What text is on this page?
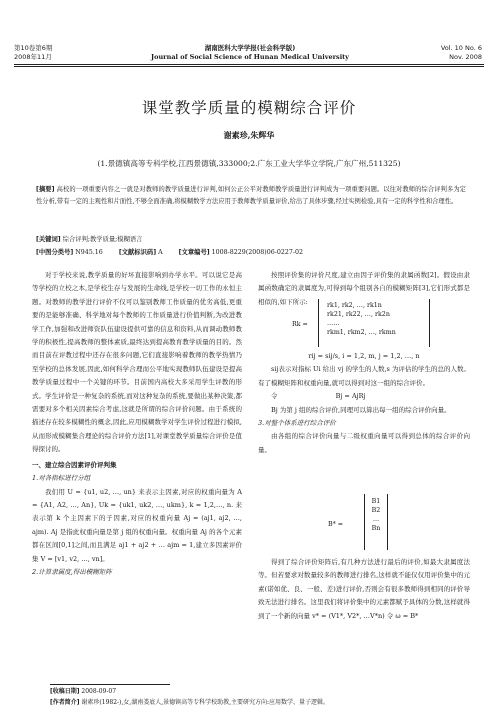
第10卷第6期
2008年11月
湖南医科大学学报(社会科学版)
Journal of Social Science of Hunan Medical University
Vol. 10 No. 6
Nov. 2008
课堂教学质量的模糊综合评价
谢素珍,朱辉华
(1.景德镇高等专科学校,江西景德镇,333000;2.广东工业大学华立学院,广东广州,511325)
[摘要] 高校的一项重要内容之一就是对教师的教学质量进行评判,如何公正公平对教师教学质量进行评判成为一项重要问题。以往对教师的综合评判多为定性分析,带有一定的主观性和片面性,不够全面准确,将模糊数学方法应用于教师教学质量评价,给出了具体步骤,经过实例检验,具有一定的科学性和合理性。
[关键词] 综合评判;教学质量;模糊语言
[中图分类号] N945.16	[文献标识码] A	[文章编号] 1008-8229(2008)06-0227-02

对于学校来说,教学质量的好坏直接影响到办学水平。可以说它是高等学校的立校之本,是学校生存与发展的生命线,是学校一切工作的永恒主题。对教师的教学进行评价不仅可以鉴别教师工作质量的优劣高低,更重要的是能够准确、科学地对每个教师的工作质量进行价值判断,为改进教学工作,加强和改进师资队伍建设提供可靠的信息和资料,从而调动教师教学的积极性,提高教师的整体素质,最终达到提高教育教学质量的目的。然而目前在评教过程中还存在很多问题,它们直接影响着教师的教学热情乃至学校的总体发展,因此,如何科学合理而公平地实现教师队伍建设是提高教学质量过程中一个关键的环节。目前国内高校大多采用学生评教的形式。学生评价是一种复杂的系统,而对这种复杂的系统,要做出某种决策,都需要对多个相关因素综合考虑,这就是所谓的综合评价问题。由于系统的描述存在较多模糊性的概念,因此,应用模糊数学对学生评价过程进行模拟,从而形成模糊集合理论的综合评价方法[1],对课堂教学质量综合评价是值得探讨的。

一、建立综合因素评价评判集

1.对各指标进行分组

我们用 U = {u1, u2, …, un} 来表示主因素,对应的权重向量为 A = {A1, A2, …, An}, Uk = {uk1, uk2, …, ukm}, k = 1,2,…, n. 来表示第 k 个主因素下的子因素,对应的权重向量 Aj = (aj1, aj2, …, ajm). Aj 是指此权重向量是第 j 组的权重向量。权重向量 Aj 的各个元素都在区间[0,1]之间,而且满足 aj1 + aj2 + … ajm = 1,建立多因素评价集 V = [v1, v2, …, vn]。

2.计算隶属度,得出模糊矩阵

按照评价集的评价尺度,建立由因子评价集的隶属函数[2]。假设由隶属函数确定的隶属度为,可得到每个组别各自的模糊矩阵[3],它们形式都是相似的,如下所示:

Rk =
rk1, rk2, …, rk1n
rk21, rk22, …, rk2n
……
rkm1, rkm2, …, rkmn

rij = sij/s, i = 1,2, m, j = 1,2, …, n

sij表示对指标 Ui 给出 vj 的学生的人数,s 为评估的学生的总的人数。有了模糊矩阵和权重向量,就可以得到对这一组的综合评价。

令	Bj = AjRj

Bj 为第 j 组的综合评价,同理可以算出每一组的综合评价向量。

3.对整个体系进行综合评价

由各组的综合评价向量与二级权重向量可以得到总体的综合评价向量。

B* =
B1
B2
…
Bn

得到了综合评价矩阵后,有几种方法进行最后的评价,如最大隶属度法等。但若要求对数量较多的教师进行排名,这样就不能仅仅用评价集中的元素(诺如优、良、一般、差)进行评价,否则会有很多教师得到相同的评价导致无法进行排名。这里我们将评价集中的元素都赋予具体的分数,这样就得到了一个新的向量 v* = (V1*, V2*, …V*n) 令 ω = B*

[收稿日期] 2008-09-07
[作者简介] 谢素珍(1982-),女,湖南娄底人,景德镇高等专科学校助教,主要研究方向:应用数学、量子逻辑。
